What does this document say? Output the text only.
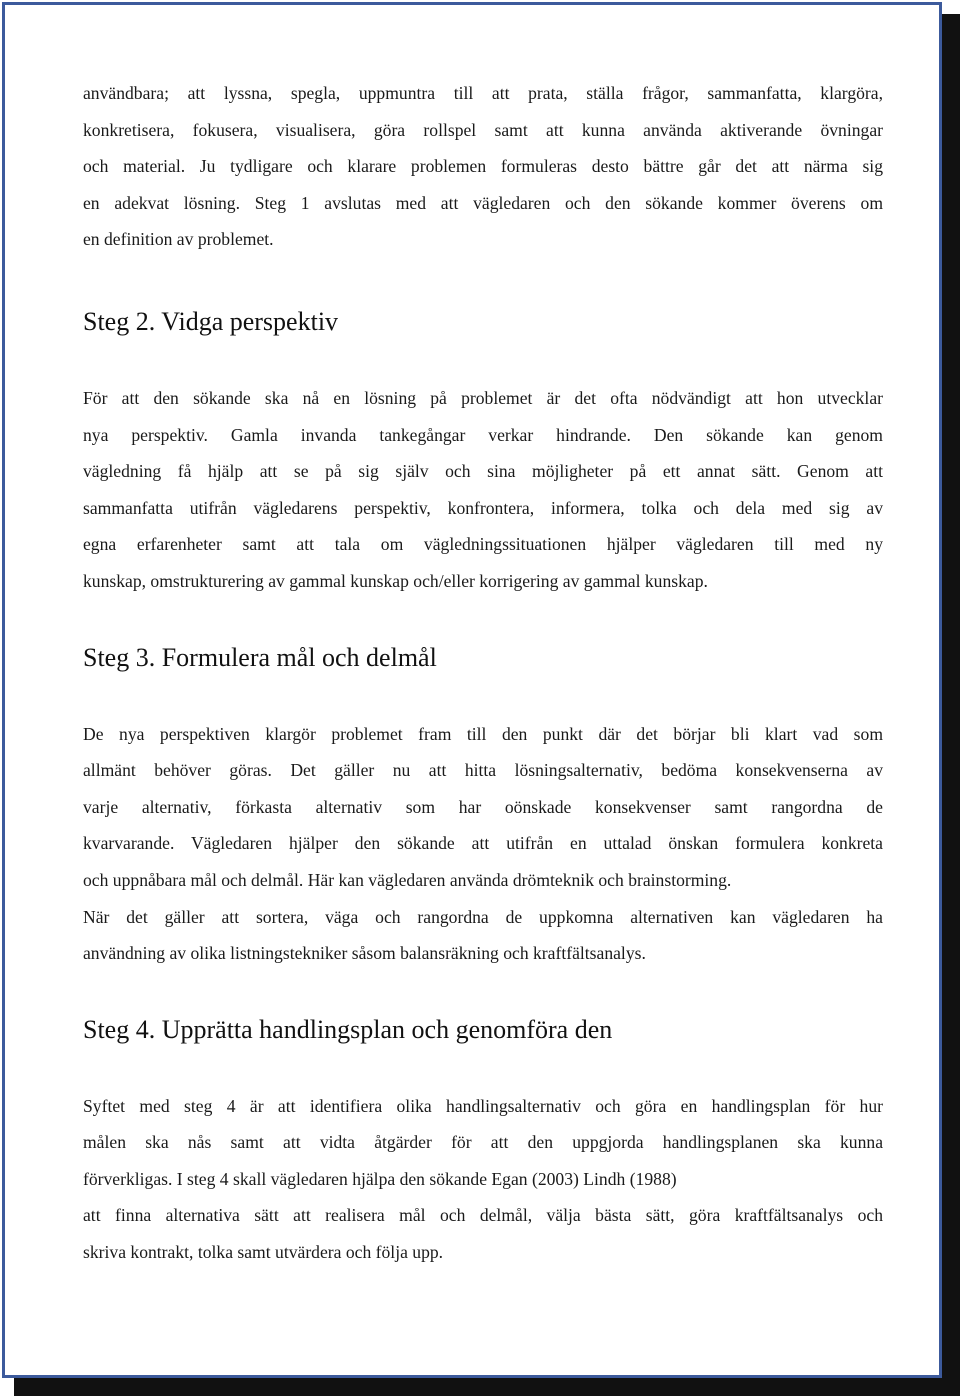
användbara; att lyssna, spegla, uppmuntra till att prata, ställa frågor, sammanfatta, klargöra,
konkretisera, fokusera, visualisera, göra rollspel samt att kunna använda aktiverande övningar
och material. Ju tydligare och klarare problemen formuleras desto bättre går det att närma sig
en adekvat lösning. Steg 1 avslutas med att vägledaren och den sökande kommer överens om
en definition av problemet.

Steg 2. Vidga perspektiv

För att den sökande ska nå en lösning på problemet är det ofta nödvändigt att hon utvecklar
nya perspektiv. Gamla invanda tankegångar verkar hindrande. Den sökande kan genom
vägledning få hjälp att se på sig själv och sina möjligheter på ett annat sätt. Genom att
sammanfatta utifrån vägledarens perspektiv, konfrontera, informera, tolka och dela med sig av
egna erfarenheter samt att tala om vägledningssituationen hjälper vägledaren till med ny
kunskap, omstrukturering av gammal kunskap och/eller korrigering av gammal kunskap.

Steg 3. Formulera mål och delmål

De nya perspektiven klargör problemet fram till den punkt där det börjar bli klart vad som
allmänt behöver göras. Det gäller nu att hitta lösningsalternativ, bedöma konsekvenserna av
varje alternativ, förkasta alternativ som har oönskade konsekvenser samt rangordna de
kvarvarande. Vägledaren hjälper den sökande att utifrån en uttalad önskan formulera konkreta
och uppnåbara mål och delmål. Här kan vägledaren använda drömteknik och brainstorming.
När det gäller att sortera, väga och rangordna de uppkomna alternativen kan vägledaren ha
användning av olika listningstekniker såsom balansräkning och kraftfältsanalys.

Steg 4. Upprätta handlingsplan och genomföra den

Syftet med steg 4 är att identifiera olika handlingsalternativ och göra en handlingsplan för hur
målen ska nås samt att vidta åtgärder för att den uppgjorda handlingsplanen ska kunna
förverkligas. I steg 4 skall vägledaren hjälpa den sökande Egan (2003) Lindh (1988)
att finna alternativa sätt att realisera mål och delmål, välja bästa sätt, göra kraftfältsanalys och
skriva kontrakt, tolka samt utvärdera och följa upp.
